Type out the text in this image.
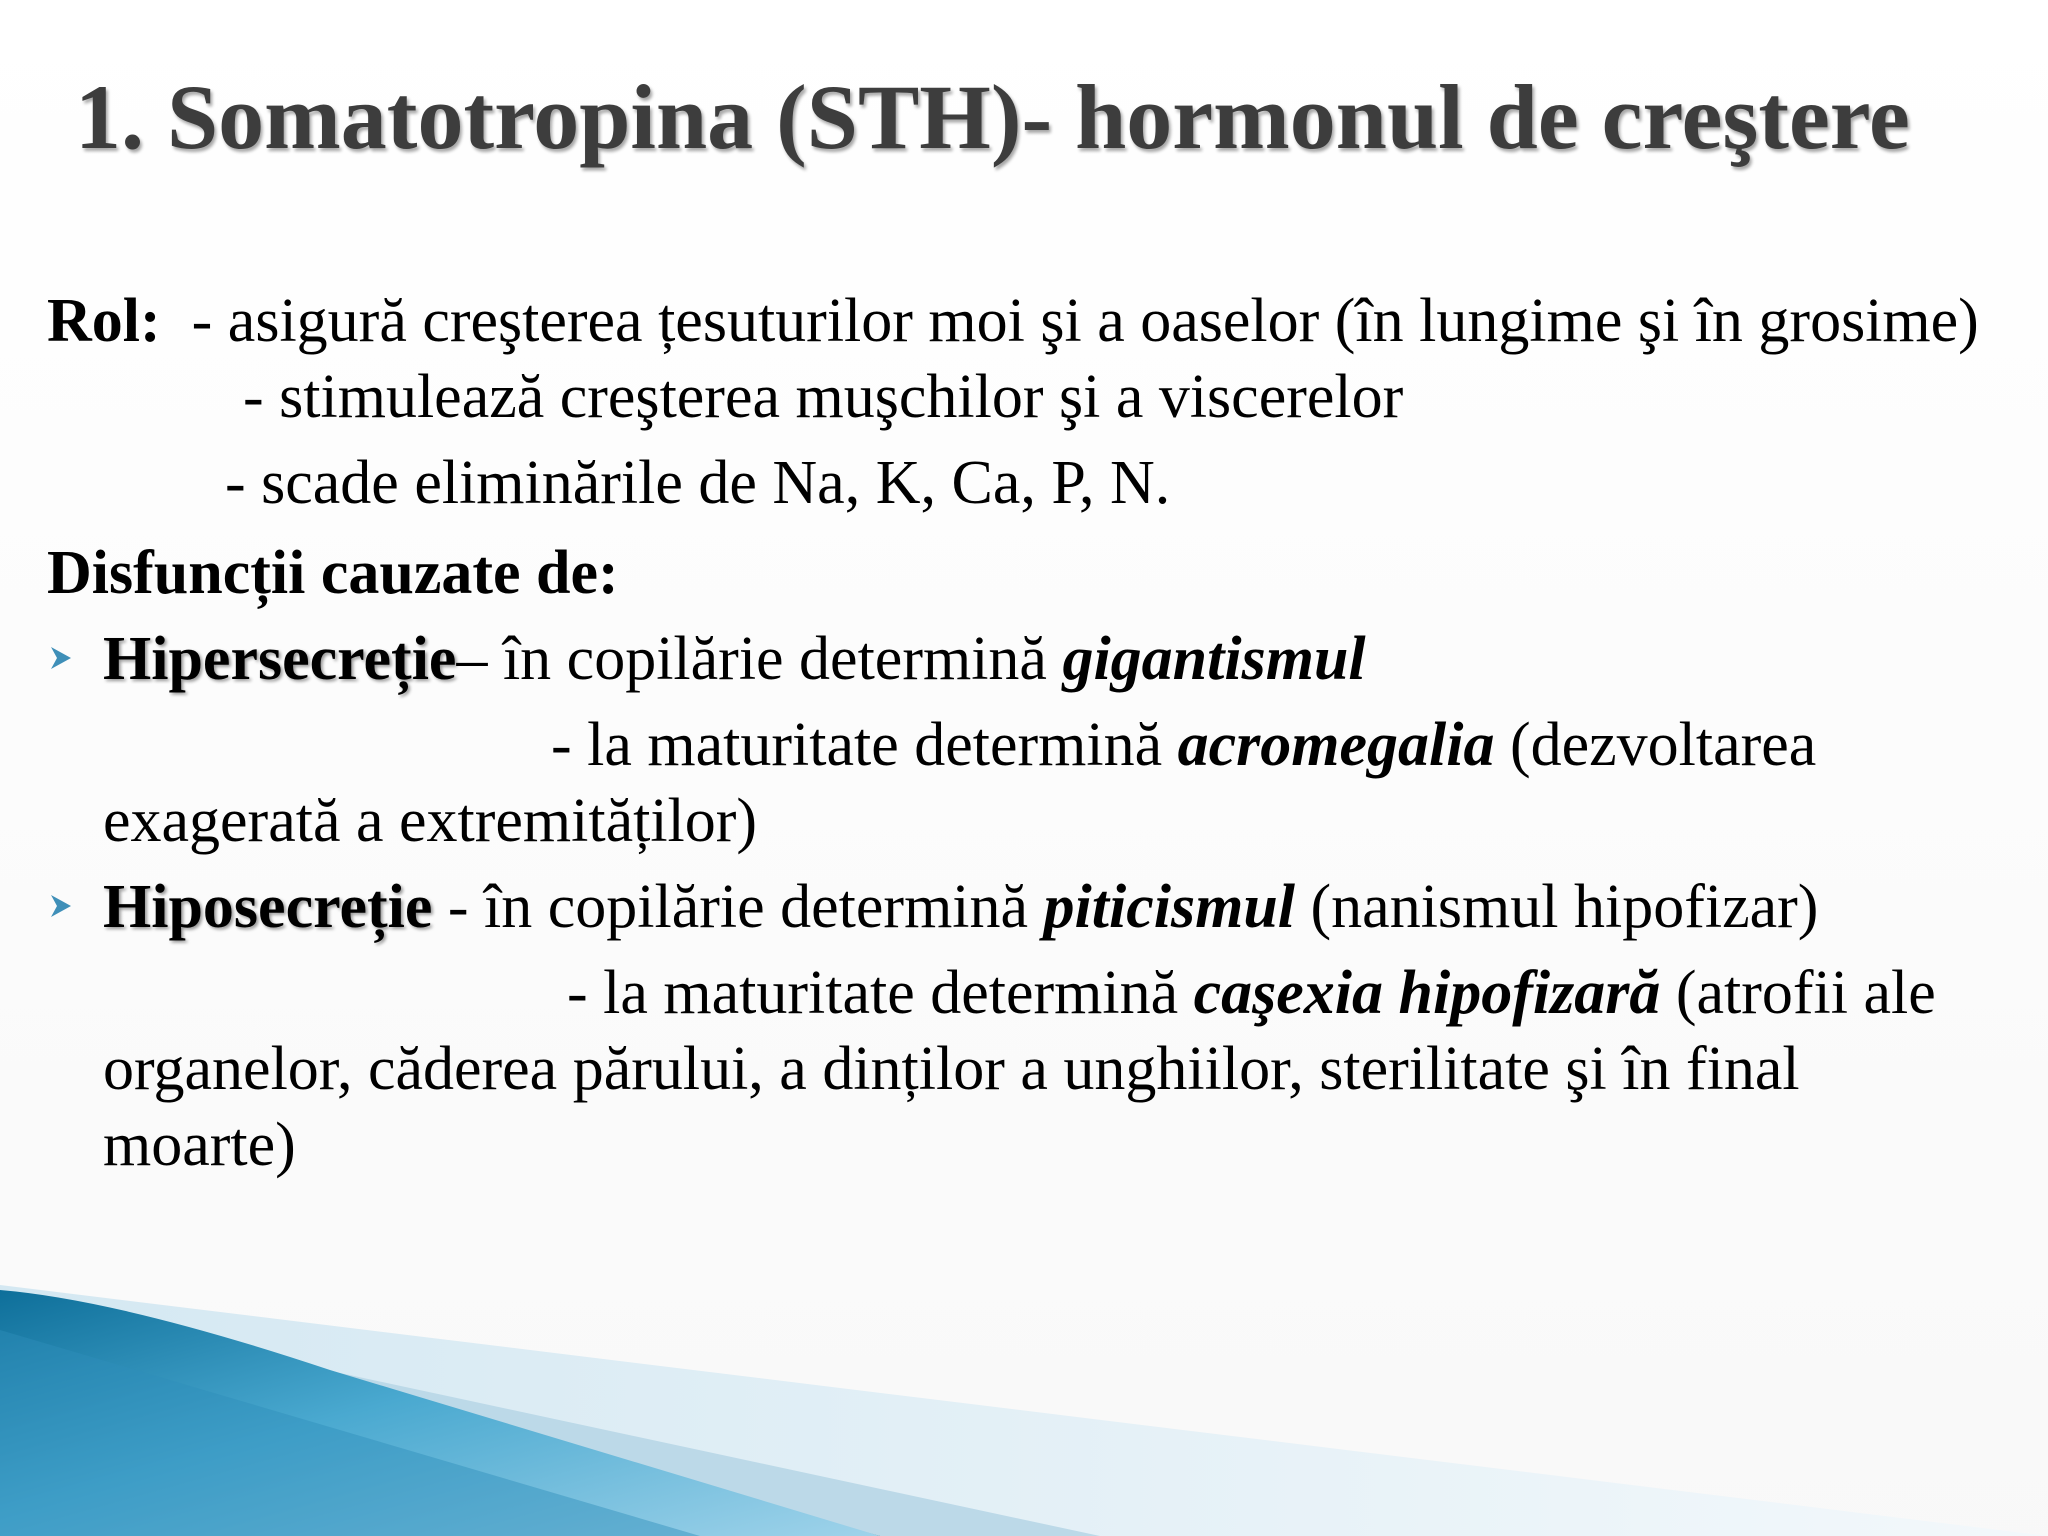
1. Somatotropina (STH)- hormonul de creştere

Rol: - asigură creşterea țesuturilor moi şi a oaselor (în lungime şi în grosime)

- stimulează creşterea muşchilor şi a viscerelor

- scade eliminările de Na, K, Ca, P, N.

Disfuncții cauzate de:

Hipersecreție– în copilărie determină gigantismul

- la maturitate determină acromegalia (dezvoltarea exagerată a extremităților)

Hiposecreție - în copilărie determină piticismul (nanismul hipofizar)

- la maturitate determină caşexia hipofizară (atrofii ale organelor, căderea părului, a dinților a unghiilor, sterilitate şi în final moarte)
